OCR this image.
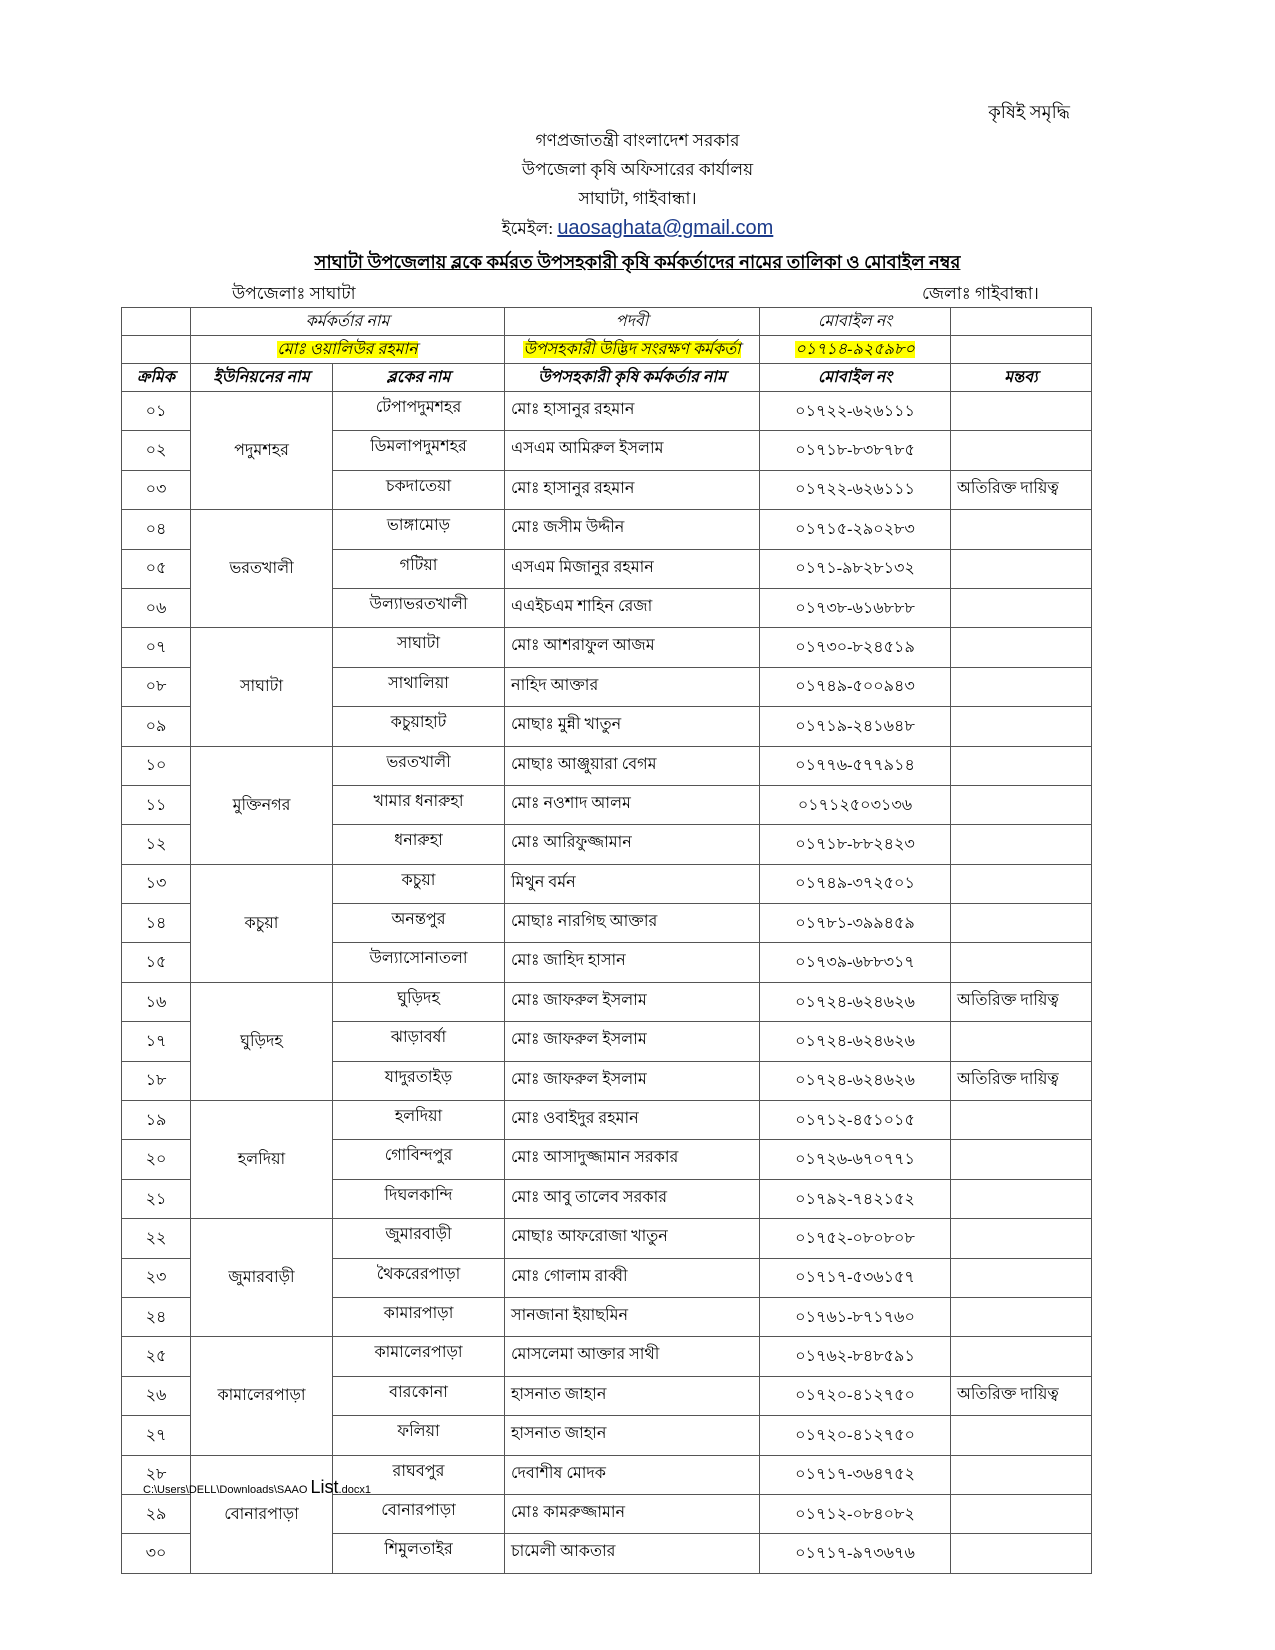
কৃষিই সমৃদ্ধি
গণপ্রজাতন্ত্রী বাংলাদেশ সরকার
উপজেলা কৃষি অফিসারের কার্যালয়
সাঘাটা, গাইবান্ধা।
ইমেইল: uaosaghata@gmail.com
সাঘাটা উপজেলায় ব্লকে কর্মরত উপসহকারী কৃষি কর্মকর্তাদের নামের তালিকা ও মোবাইল নম্বর
উপজেলাঃ সাঘাটা	জেলাঃ গাইবান্ধা।
	কর্মকর্তার নাম		পদবী	মোবাইল নং	
	মোঃ ওয়ালিউর রহমান		উপসহকারী উদ্ভিদ সংরক্ষণ কর্মকর্তা	০১৭১৪-৯২৫৯৮০	
ক্রমিক	ইউনিয়নের নাম	ব্লকের নাম	উপসহকারী কৃষি কর্মকর্তার নাম	মোবাইল নং	মন্তব্য
০১	পদুমশহর	টেপাপদুমশহর	মোঃ হাসানুর রহমান	০১৭২২-৬২৬১১১	
০২		ডিমলাপদুমশহর	এসএম আমিরুল ইসলাম	০১৭১৮-৮৩৮৭৮৫	
০৩		চকদাতেয়া	মোঃ হাসানুর রহমান	০১৭২২-৬২৬১১১	অতিরিক্ত দায়িত্ব
০৪	ভরতখালী	ভাঙ্গামোড়	মোঃ জসীম উদ্দীন	০১৭১৫-২৯০২৮৩	
০৫		গটিয়া	এসএম মিজানুর রহমান	০১৭১-৯৮২৮১৩২	
০৬		উল্যাভরতখালী	এএইচএম শাহিন রেজা	০১৭৩৮-৬১৬৮৮৮	
০৭	সাঘাটা	সাঘাটা	মোঃ আশরাফুল আজম	০১৭৩০-৮২৪৫১৯	
০৮		সাথালিয়া	নাহিদ আক্তার	০১৭৪৯-৫০০৯৪৩	
০৯		কচুয়াহাট	মোছাঃ মুন্নী খাতুন	০১৭১৯-২৪১৬৪৮	
১০	মুক্তিনগর	ভরতখালী	মোছাঃ আঞ্জুয়ারা বেগম	০১৭৭৬-৫৭৭৯১৪	
১১		খামার ধনারুহা	মোঃ নওশাদ আলম	০১৭১২৫০৩১৩৬	
১২		ধনারুহা	মোঃ আরিফুজ্জামান	০১৭১৮-৮৮২৪২৩	
১৩	কচুয়া	কচুয়া	মিথুন বর্মন	০১৭৪৯-৩৭২৫০১	
১৪		অনন্তপুর	মোছাঃ নারগিছ আক্তার	০১৭৮১-৩৯৯৪৫৯	
১৫		উল্যাসোনাতলা	মোঃ জাহিদ হাসান	০১৭৩৯-৬৮৮৩১৭	
১৬	ঘুড়িদহ	ঘুড়িদহ	মোঃ জাফরুল ইসলাম	০১৭২৪-৬২৪৬২৬	অতিরিক্ত দায়িত্ব
১৭		ঝাড়াবর্ষা	মোঃ জাফরুল ইসলাম	০১৭২৪-৬২৪৬২৬	
১৮		যাদুরতাইড়	মোঃ জাফরুল ইসলাম	০১৭২৪-৬২৪৬২৬	অতিরিক্ত দায়িত্ব
১৯	হলদিয়া	হলদিয়া	মোঃ ওবাইদুর রহমান	০১৭১২-৪৫১০১৫	
২০		গোবিন্দপুর	মোঃ আসাদুজ্জামান সরকার	০১৭২৬-৬৭০৭৭১	
২১		দিঘলকান্দি	মোঃ আবু তালেব সরকার	০১৭৯২-৭৪২১৫২	
২২	জুমারবাড়ী	জুমারবাড়ী	মোছাঃ আফরোজা খাতুন	০১৭৫২-০৮০৮০৮	
২৩		থৈকরেরপাড়া	মোঃ গোলাম রাব্বী	০১৭১৭-৫৩৬১৫৭	
২৪		কামারপাড়া	সানজানা ইয়াছমিন	০১৭৬১-৮৭১৭৬০	
২৫	কামালেরপাড়া	কামালেরপাড়া	মোসলেমা আক্তার সাথী	০১৭৬২-৮৪৮৫৯১	
২৬		বারকোনা	হাসনাত জাহান	০১৭২০-৪১২৭৫০	অতিরিক্ত দায়িত্ব
২৭		ফলিয়া	হাসনাত জাহান	০১৭২০-৪১২৭৫০	
২৮	বোনারপাড়া	রাঘবপুর	দেবাশীষ মোদক	০১৭১৭-৩৬৪৭৫২	
২৯		বোনারপাড়া	মোঃ কামরুজ্জামান	০১৭১২-০৮৪০৮২	
৩০		শিমুলতাইর	চামেলী আকতার	০১৭১৭-৯৭৩৬৭৬	
C:\Users\DELL\Downloads\SAAO List.docx1
